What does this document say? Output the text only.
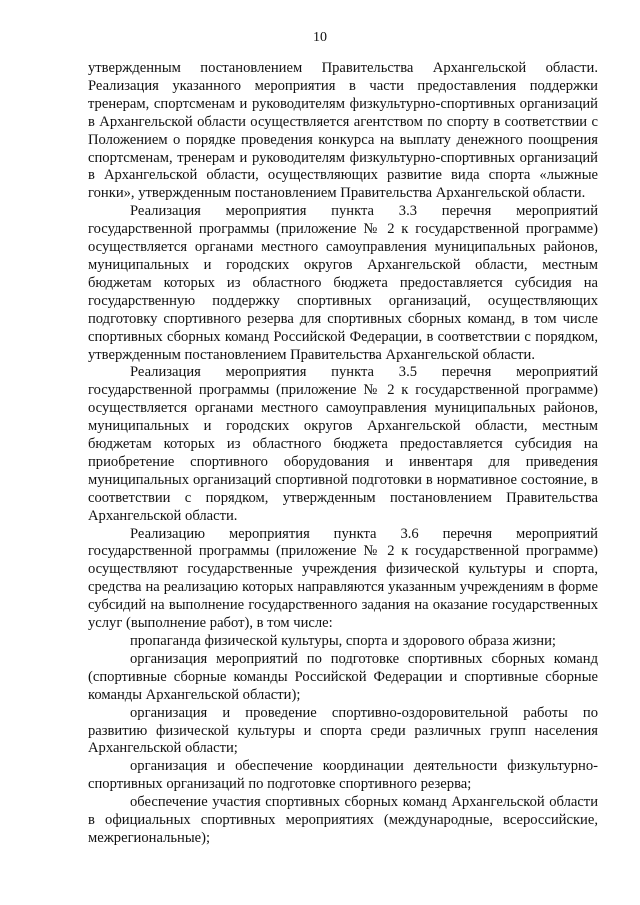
10

утвержденным постановлением Правительства Архангельской области. Реализация указанного мероприятия в части предоставления поддержки тренерам, спортсменам и руководителям физкультурно-спортивных организаций в Архангельской области осуществляется агентством по спорту в соответствии с Положением о порядке проведения конкурса на выплату денежного поощрения спортсменам, тренерам и руководителям физкультурно-спортивных организаций в Архангельской области, осуществляющих развитие вида спорта «лыжные гонки», утвержденным постановлением Правительства Архангельской области.

Реализация мероприятия пункта 3.3 перечня мероприятий государственной программы (приложение № 2 к государственной программе) осуществляется органами местного самоуправления муниципальных районов, муниципальных и городских округов Архангельской области, местным бюджетам которых из областного бюджета предоставляется субсидия на государственную поддержку спортивных организаций, осуществляющих подготовку спортивного резерва для спортивных сборных команд, в том числе спортивных сборных команд Российской Федерации, в соответствии с порядком, утвержденным постановлением Правительства Архангельской области.

Реализация мероприятия пункта 3.5 перечня мероприятий государственной программы (приложение № 2 к государственной программе) осуществляется органами местного самоуправления муниципальных районов, муниципальных и городских округов Архангельской области, местным бюджетам которых из областного бюджета предоставляется субсидия на приобретение спортивного оборудования и инвентаря для приведения муниципальных организаций спортивной подготовки в нормативное состояние, в соответствии с порядком, утвержденным постановлением Правительства Архангельской области.

Реализацию мероприятия пункта 3.6 перечня мероприятий государственной программы (приложение № 2 к государственной программе) осуществляют государственные учреждения физической культуры и спорта, средства на реализацию которых направляются указанным учреждениям в форме субсидий на выполнение государственного задания на оказание государственных услуг (выполнение работ), в том числе:

пропаганда физической культуры, спорта и здорового образа жизни;

организация мероприятий по подготовке спортивных сборных команд (спортивные сборные команды Российской Федерации и спортивные сборные команды Архангельской области);

организация и проведение спортивно-оздоровительной работы по развитию физической культуры и спорта среди различных групп населения Архангельской области;

организация и обеспечение координации деятельности физкультурно-спортивных организаций по подготовке спортивного резерва;

обеспечение участия спортивных сборных команд Архангельской области в официальных спортивных мероприятиях (международные, всероссийские, межрегиональные);
